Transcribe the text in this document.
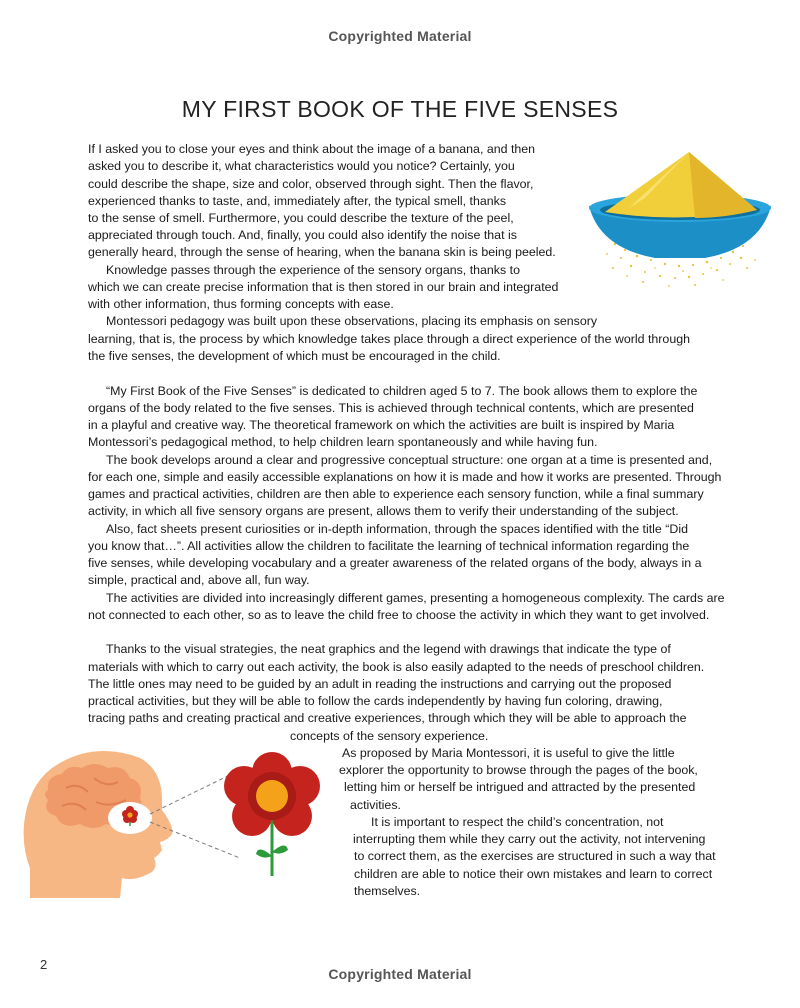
Copyrighted Material
MY FIRST BOOK OF THE FIVE SENSES
If I asked you to close your eyes and think about the image of a banana, and then
asked you to describe it, what characteristics would you notice? Certainly, you
could describe the shape, size and color, observed through sight. Then the flavor,
experienced thanks to taste, and, immediately after, the typical smell, thanks
to the sense of smell. Furthermore, you could describe the texture of the peel,
appreciated through touch. And, finally, you could also identify the noise that is
generally heard, through the sense of hearing, when the banana skin is being peeled.
Knowledge passes through the experience of the sensory organs, thanks to
which we can create precise information that is then stored in our brain and integrated
with other information, thus forming concepts with ease.
Montessori pedagogy was built upon these observations, placing its emphasis on sensory
learning, that is, the process by which knowledge takes place through a direct experience of the world through
the five senses, the development of which must be encouraged in the child.
“My First Book of the Five Senses” is dedicated to children aged 5 to 7. The book allows them to explore the
organs of the body related to the five senses. This is achieved through technical contents, which are presented
in a playful and creative way. The theoretical framework on which the activities are built is inspired by Maria
Montessori’s pedagogical method, to help children learn spontaneously and while having fun.
The book develops around a clear and progressive conceptual structure: one organ at a time is presented and,
for each one, simple and easily accessible explanations on how it is made and how it works are presented. Through
games and practical activities, children are then able to experience each sensory function, while a final summary
activity, in which all five sensory organs are present, allows them to verify their understanding of the subject.
Also, fact sheets present curiosities or in-depth information, through the spaces identified with the title “Did
you know that…”. All activities allow the children to facilitate the learning of technical information regarding the
five senses, while developing vocabulary and a greater awareness of the related organs of the body, always in a
simple, practical and, above all, fun way.
The activities are divided into increasingly different games, presenting a homogeneous complexity. The cards are
not connected to each other, so as to leave the child free to choose the activity in which they want to get involved.
Thanks to the visual strategies, the neat graphics and the legend with drawings that indicate the type of
materials with which to carry out each activity, the book is also easily adapted to the needs of preschool children.
The little ones may need to be guided by an adult in reading the instructions and carrying out the proposed
practical activities, but they will be able to follow the cards independently by having fun coloring, drawing,
tracing paths and creating practical and creative experiences, through which they will be able to approach the
concepts of the sensory experience.
As proposed by Maria Montessori, it is useful to give the little
explorer the opportunity to browse through the pages of the book,
letting him or herself be intrigued and attracted by the presented
activities.
It is important to respect the child’s concentration, not
interrupting them while they carry out the activity, not intervening
to correct them, as the exercises are structured in such a way that
children are able to notice their own mistakes and learn to correct
themselves.
2
Copyrighted Material
